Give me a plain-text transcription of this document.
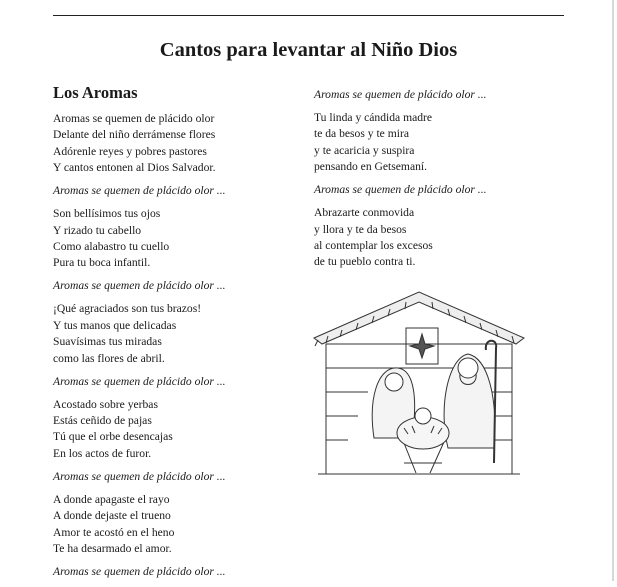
Cantos para levantar al Niño Dios
Los Aromas
Aromas se quemen de plácido olor
Delante del niño derrámense flores
Adórenle reyes y pobres pastores
Y cantos entonen al Dios Salvador.
Aromas se quemen de plácido olor ...
Son bellísimos tus ojos
Y rizado tu cabello
Como alabastro tu cuello
Pura tu boca infantil.
Aromas se quemen de plácido olor ...
¡Qué agraciados son tus brazos!
Y tus manos que delicadas
Suavísimas tus miradas
como las flores de abril.
Aromas se quemen de plácido olor ...
Acostado sobre yerbas
Estás ceñido de pajas
Tú que el orbe desencajas
En los actos de furor.
Aromas se quemen de plácido olor ...
A donde apagaste el rayo
A donde dejaste el trueno
Amor te acostó en el heno
Te ha desarmado el amor.
Aromas se quemen de plácido olor ...
Aromas se quemen de plácido olor ...
Tu linda y cándida madre
te da besos y te mira
y te acaricia y suspira
pensando en Getsemaní.
Aromas se quemen de plácido olor ...
Abrazarte conmovida
y llora y te da besos
al contemplar los excesos
de tu pueblo contra ti.
